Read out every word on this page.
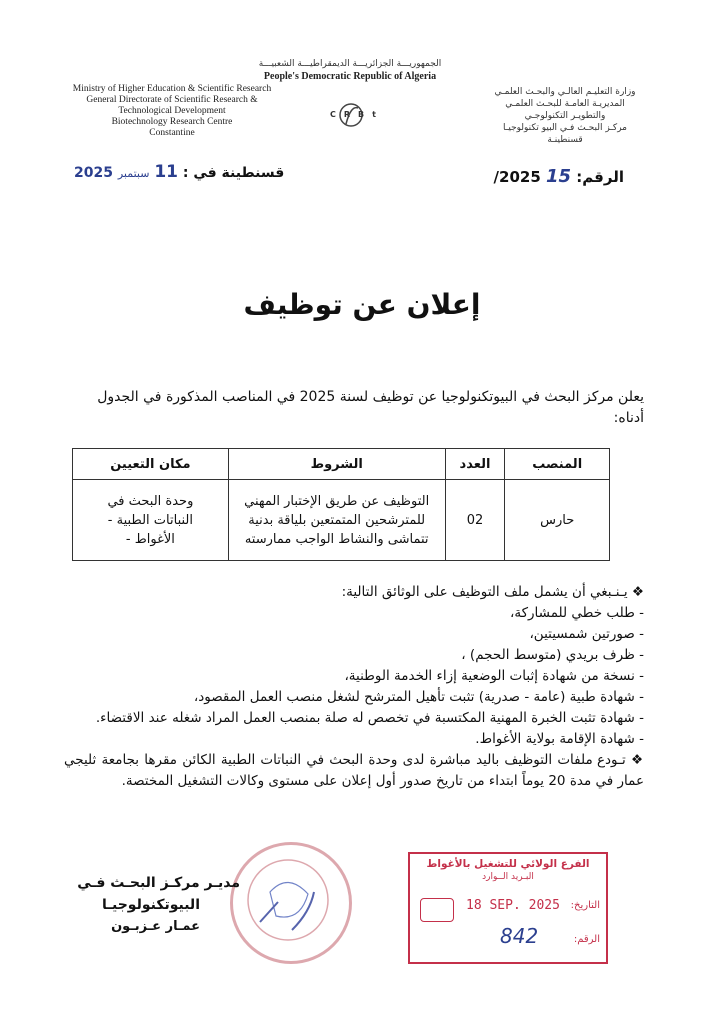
الجمهوريـــة الجزائريـــة الديمقراطيـــة الشعبيـــة
People's Democratic Republic of Algeria
Ministry of Higher Education & Scientific Research
General Directorate of Scientific Research &
Technological Development
Biotechnology Research Centre
Constantine
CRBt
وزارة التعليـم العالـي والبحـث العلمـي
المديريـة العامـة للبحـث العلمـي
والتطويـر التكنولوجـي
مركـز البحـث فـي البيو تكنولوجيـا
قسنطينـة
الرقم: 15 2025/
قسنطينة في : 11 سبتمبر 2025
إعلان عن توظيف
يعلن مركز البحث في البيوتكنولوجيا عن توظيف لسنة 2025 في المناصب المذكورة في الجدول أدناه:
المنصب	العدد	الشروط	مكان التعيين
حارس	02	التوظيف عن طريق الإختبار المهني للمترشحين المتمتعين بلياقة بدنية تتماشى والنشاط الواجب ممارسته	وحدة البحث في النباتات الطبية - الأغواط -
❖ يـنـبغي أن يشمل ملف التوظيف على الوثائق التالية:
- طلب خطي للمشاركة،
- صورتين شمسيتين،
- ظرف بريدي (متوسط الحجم) ،
- نسخة من شهادة إثبات الوضعية إزاء الخدمة الوطنية،
- شهادة طبية (عامة - صدرية) تثبت تأهيل المترشح لشغل منصب العمل المقصود،
- شهادة تثبت الخبرة المهنية المكتسبة في تخصص له صلة بمنصب العمل المراد شغله عند الاقتضاء.
- شهادة الإقامة بولاية الأغواط.
❖ تـودع ملفات التوظيف باليد مباشرة لدى وحدة البحث في النباتات الطبية الكائن مقرها بجامعة ثليجي عمار في مدة 20 يوماً ابتداء من تاريخ صدور أول إعلان على مستوى وكالات التشغيل المختصة.
مديـر مركـز البحـث فـي
البيوتكنولوجيـا
عمـار عـزبـون
الفرع الولائي للتشغيل بالأغواط
البـريد الــوارد
التاريخ:
18 SEP. 2025
الرقم:
842
